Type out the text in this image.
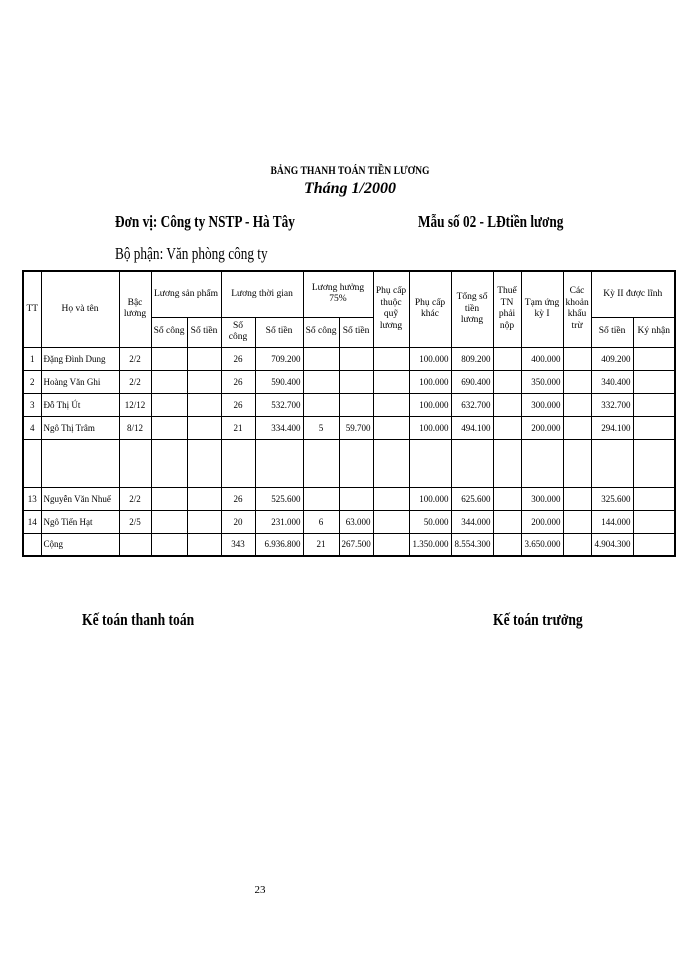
BẢNG THANH TOÁN TIỀN LƯƠNG
Tháng 1/2000
Đơn vị: Công ty NSTP - Hà Tây	Mẫu số 02 - LĐtiền lương
Bộ phận: Văn phòng công ty
TT	Họ và tên	Bậc lương	Lương sản phẩm		Lương thời gian		Lương hưởng 75%		Phụ cấp thuộc quỹ lương	Phụ cấp khác	Tổng số tiền lương	Thuế TN phải nộp	Tạm ứng kỳ I	Các khoản khấu trừ	Kỳ II được lĩnh	
			Số công	Số tiền	Số công	Số tiền	Số công	Số tiền							Số tiền	Ký nhận
1	Đặng Đình Dung	2/2			26	709.200				100.000	809.200		400.000		409.200	
2	Hoàng Văn Ghi	2/2			26	590.400				100.000	690.400		350.000		340.400	
3	Đỗ Thị Út	12/12			26	532.700				100.000	632.700		300.000		332.700	
4	Ngô Thị Trâm	8/12			21	334.400	5	59.700		100.000	494.100		200.000		294.100	

13	Nguyễn Văn Nhuế	2/2			26	525.600				100.000	625.600		300.000		325.600	
14	Ngô Tiến Hạt	2/5			20	231.000	6	63.000		50.000	344.000		200.000		144.000	
	Cộng				343	6.936.800	21	267.500		1.350.000	8.554.300		3.650.000		4.904.300	
Kế toán thanh toán	Kế toán trưởng
23
